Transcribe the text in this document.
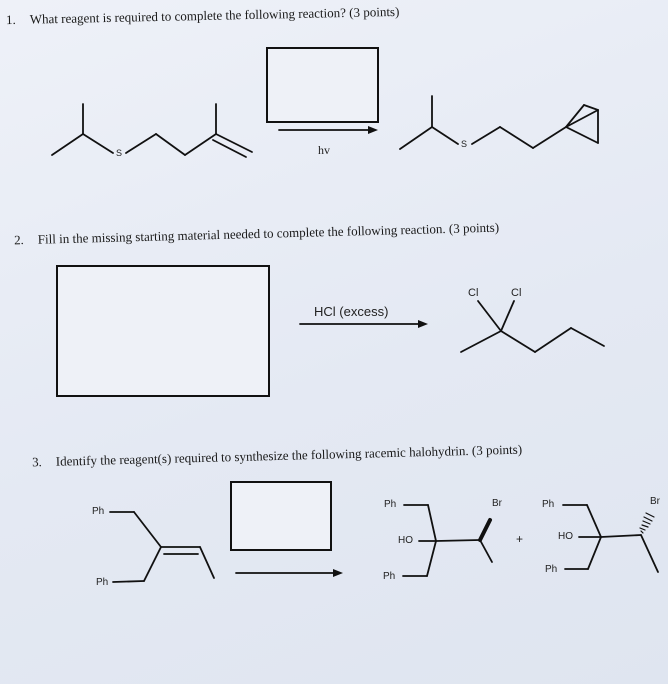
1. What reagent is required to complete the following reaction? (3 points)
2. Fill in the missing starting material needed to complete the following reaction. (3 points)
3. Identify the reagent(s) required to synthesize the following racemic halohydrin. (3 points)
S
S
hv
HCl (excess)
Cl	Cl
Ph
Ph
Ph
HO
Ph
Br
+
Ph
HO
Ph
Br
